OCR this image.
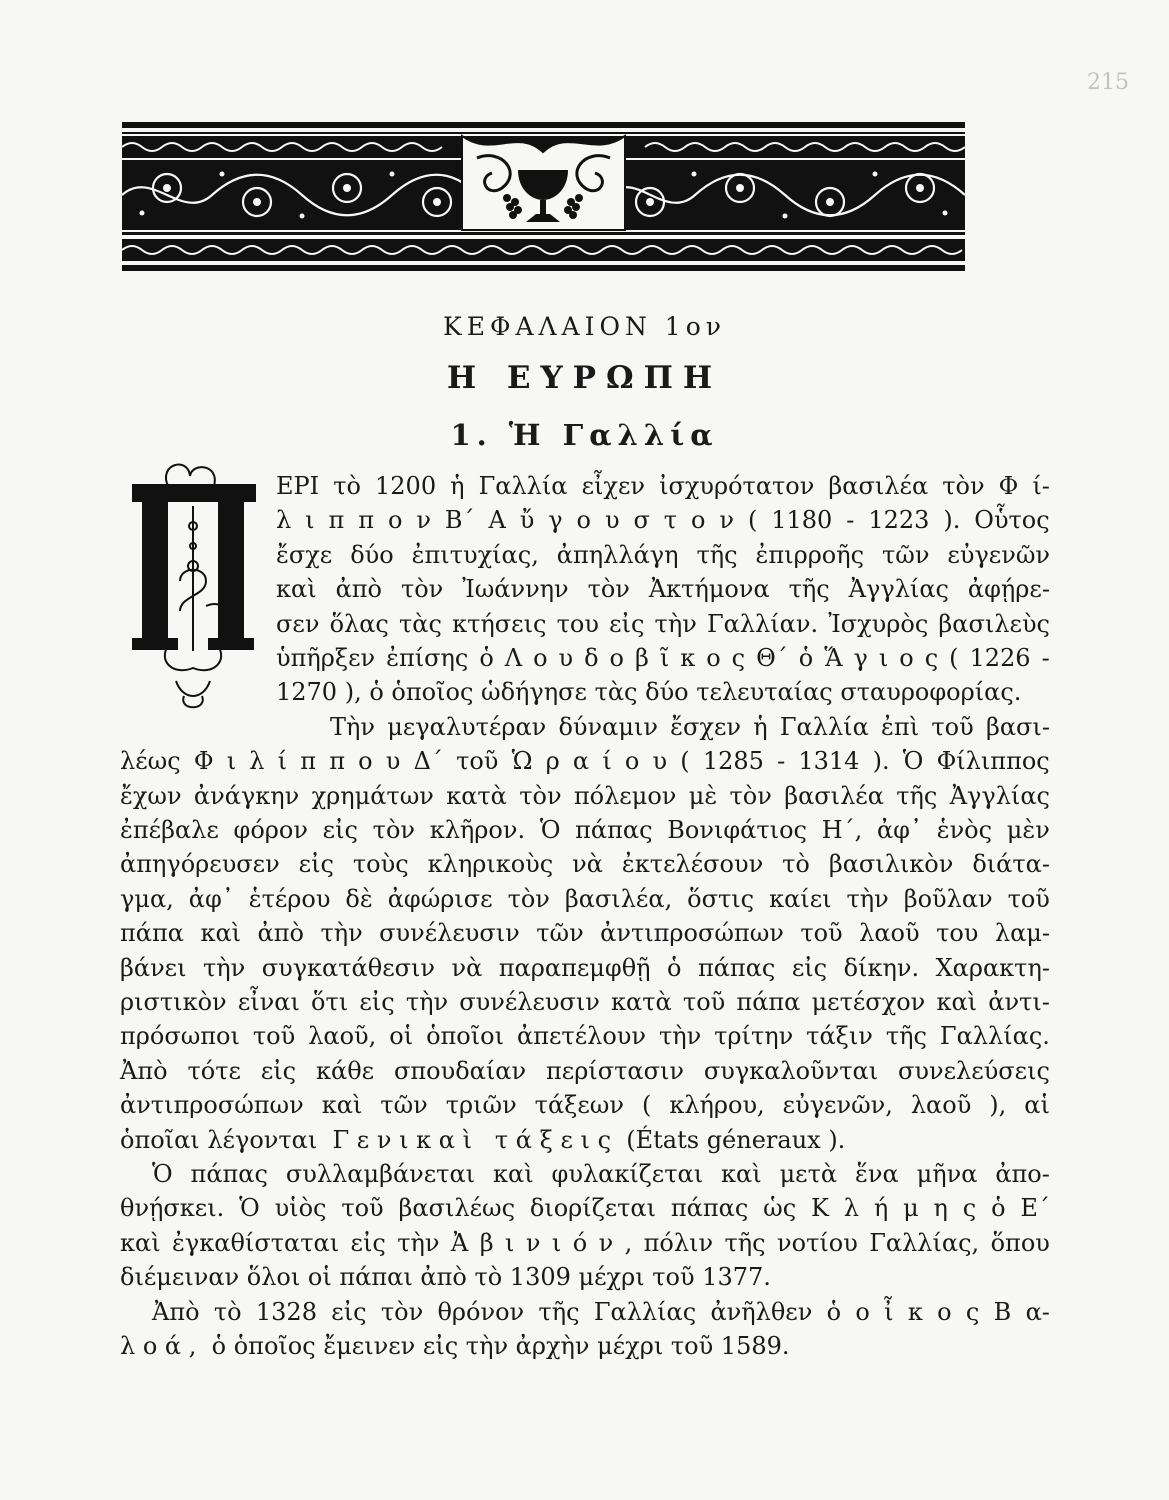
215
ΚΕΦΑΛΑΙΟΝ 1ον
Η ΕΥΡΩΠΗ
1. Ἡ Γαλλία
ΕΡΙ τὸ 1200 ἡ Γαλλία εἶχεν ἰσχυρότατον βασιλέα τὸν Φ ί-
λ ι π π ο ν Β΄ Α ὔ γ ο υ σ τ ο ν ( 1180 - 1223 ). Οὗτος
ἔσχε δύο ἐπιτυχίας, ἀπηλλάγη τῆς ἐπιρροῆς τῶν εὐγενῶν
καὶ ἀπὸ τὸν Ἰωάννην τὸν Ἀκτήμονα τῆς Ἀγγλίας ἀφῄρε-
σεν ὅλας τὰς κτήσεις του εἰς τὴν Γαλλίαν. Ἰσχυρὸς βασιλεὺς
ὑπῆρξεν ἐπίσης ὁ Λ ο υ δ ο β ῖ κ ο ς Θ΄ ὁ Ἅ γ ι ο ς ( 1226 -
1270 ), ὁ ὁποῖος ὡδήγησε τὰς δύο τελευταίας σταυροφορίας.
Τὴν μεγαλυτέραν δύναμιν ἔσχεν ἡ Γαλλία ἐπὶ τοῦ βασι-
λέως Φ ι λ ί π π ο υ Δ΄ τοῦ Ὡ ρ α ί ο υ ( 1285 - 1314 ). Ὁ Φίλιππος
ἔχων ἀνάγκην χρημάτων κατὰ τὸν πόλεμον μὲ τὸν βασιλέα τῆς Ἀγγλίας
ἐπέβαλε φόρον εἰς τὸν κλῆρον. Ὁ πάπας Βονιφάτιος Η΄, ἀφ᾽ ἑνὸς μὲν
ἀπηγόρευσεν εἰς τοὺς κληρικοὺς νὰ ἐκτελέσουν τὸ βασιλικὸν διάτα-
γμα, ἀφ᾽ ἑτέρου δὲ ἀφώρισε τὸν βασιλέα, ὅστις καίει τὴν βοῦλαν τοῦ
πάπα καὶ ἀπὸ τὴν συνέλευσιν τῶν ἀντιπροσώπων τοῦ λαοῦ του λαμ-
βάνει τὴν συγκατάθεσιν νὰ παραπεμφθῇ ὁ πάπας εἰς δίκην. Χαρακτη-
ριστικὸν εἶναι ὅτι εἰς τὴν συνέλευσιν κατὰ τοῦ πάπα μετέσχον καὶ ἀντι-
πρόσωποι τοῦ λαοῦ, οἱ ὁποῖοι ἀπετέλουν τὴν τρίτην τάξιν τῆς Γαλλίας.
Ἀπὸ τότε εἰς κάθε σπουδαίαν περίστασιν συγκαλοῦνται συνελεύσεις
ἀντιπροσώπων καὶ τῶν τριῶν τάξεων ( κλήρου, εὐγενῶν, λαοῦ ), αἱ
ὁποῖαι λέγονται  Γ ε ν ι κ α ὶ   τ ά ξ ε ι ς  (États géneraux ).
Ὁ πάπας συλλαμβάνεται καὶ φυλακίζεται καὶ μετὰ ἕνα μῆνα ἀπο-
θνῄσκει. Ὁ υἱὸς τοῦ βασιλέως διορίζεται πάπας ὡς Κ λ ή μ η ς ὁ Ε΄
καὶ ἐγκαθίσταται εἰς τὴν Ἀ β ι ν ι ό ν , πόλιν τῆς νοτίου Γαλλίας, ὅπου
διέμειναν ὅλοι οἱ πάπαι ἀπὸ τὸ 1309 μέχρι τοῦ 1377.
Ἀπὸ τὸ 1328 εἰς τὸν θρόνον τῆς Γαλλίας ἀνῆλθεν ὁ ο ἶ κ ο ς Β α-
λ ο ά ,  ὁ ὁποῖος ἔμεινεν εἰς τὴν ἀρχὴν μέχρι τοῦ 1589.
